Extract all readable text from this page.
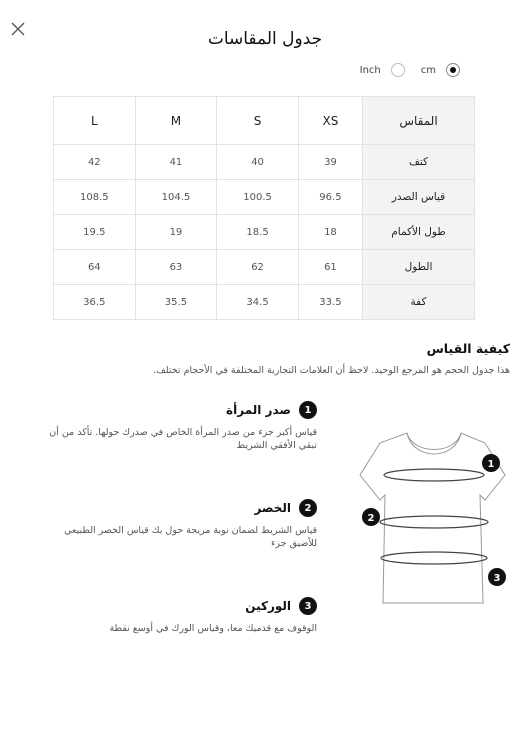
جدول المقاسات
cm
Inch
L	M	S	XS	المقاس
42	41	40	39	كتف
108.5	104.5	100.5	96.5	قياس الصدر
19.5	19	18.5	18	طول الأكمام
64	63	62	61	الطول
36.5	35.5	34.5	33.5	كفة
كيفية القياس
هذا جدول الحجم هو المرجع الوحيد. لاحظ أن العلامات التجارية المختلفة في الأحجام تختلف.
1
صدر المرأة
قياس أكبر جزء من صدر المرأة الخاص في صدرك حولها. تأكد من أن تبقي الأفقي الشريط
2
الخصر
قياس الشريط لضمان نوبة مريحة حول بك قياس الخصر الطبيعي للأضيق جزء
3
الوركين
الوقوف مع قدميك معا، وقياس الورك في أوسع نقطة
1
2
3
